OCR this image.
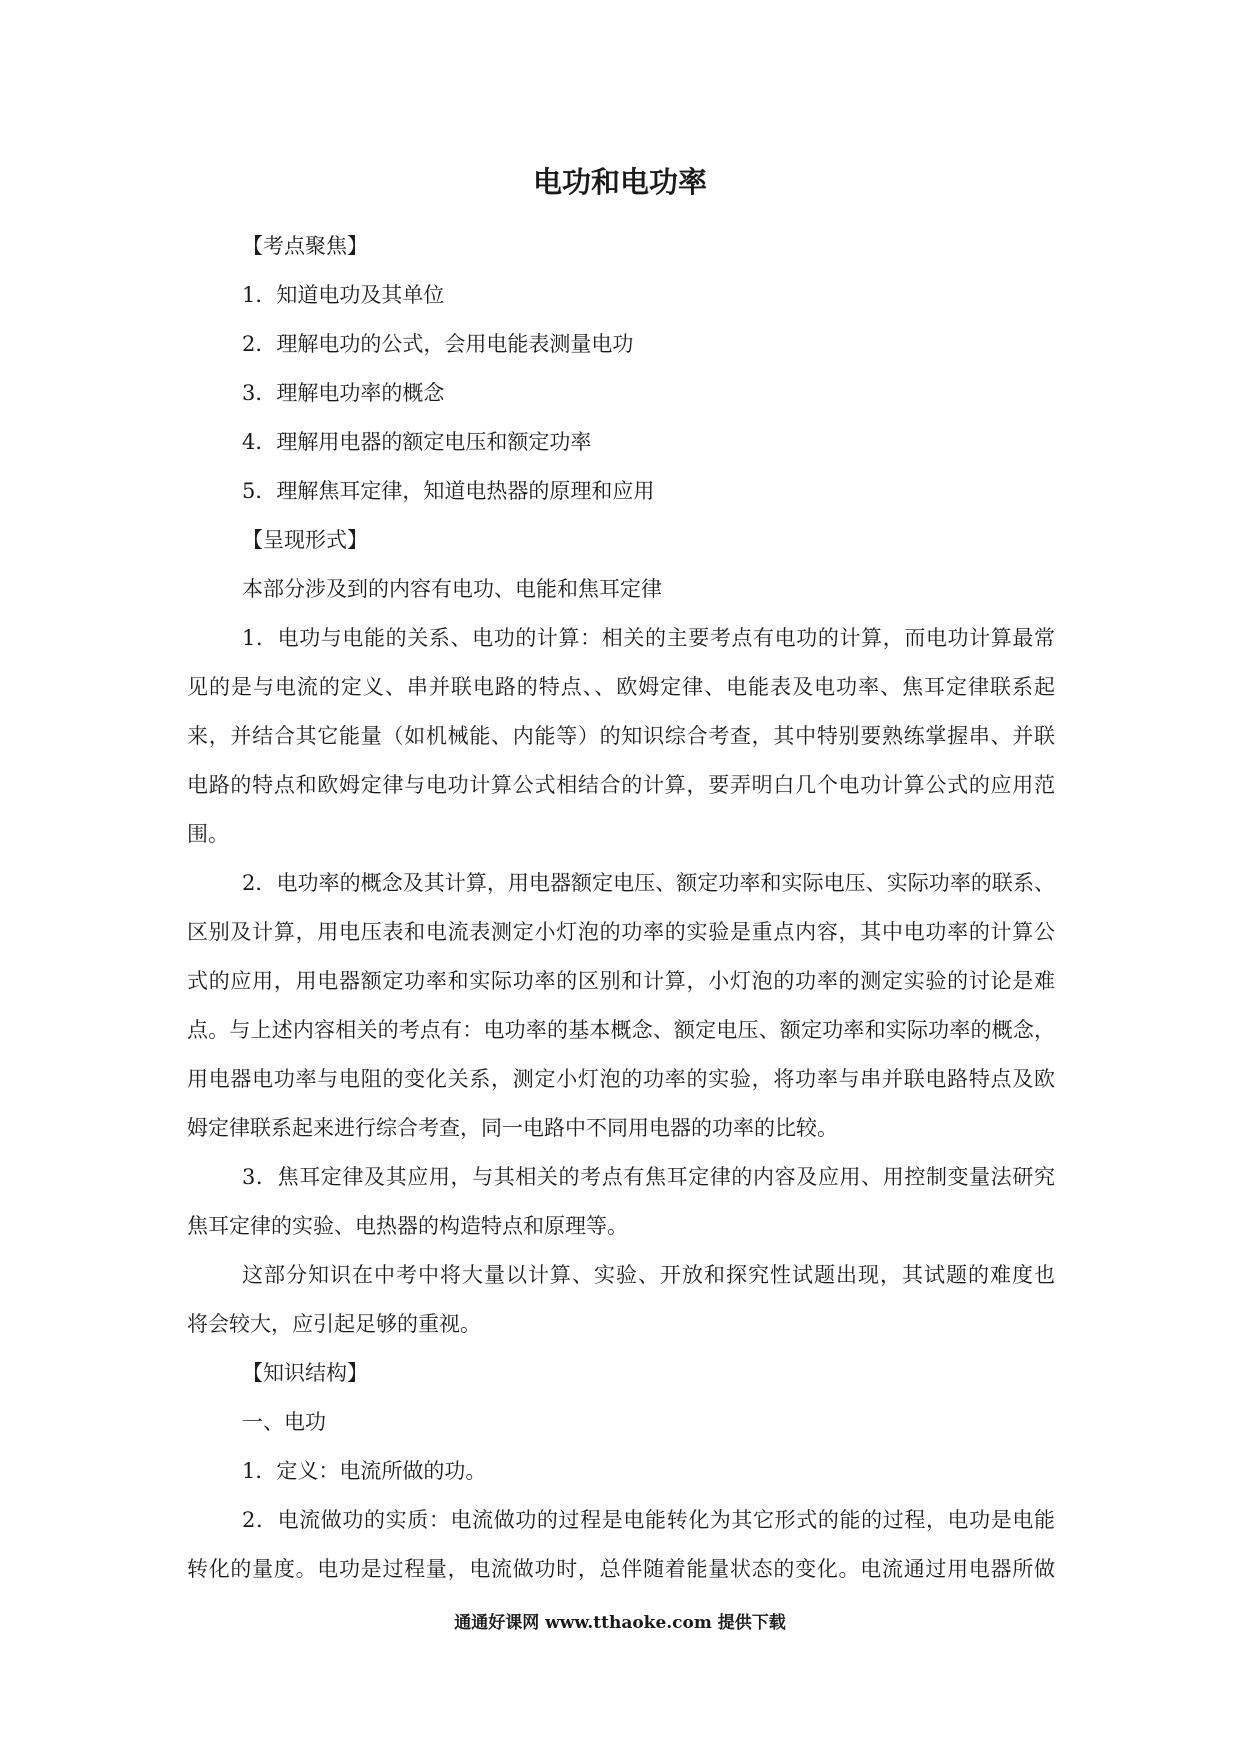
电功和电功率

【考点聚焦】

1．知道电功及其单位

2．理解电功的公式，会用电能表测量电功

3．理解电功率的概念

4．理解用电器的额定电压和额定功率

5．理解焦耳定律，知道电热器的原理和应用

【呈现形式】

本部分涉及到的内容有电功、电能和焦耳定律

1．电功与电能的关系、电功的计算：相关的主要考点有电功的计算，而电功计算最常

见的是与电流的定义、串并联电路的特点、、欧姆定律、电能表及电功率、焦耳定律联系起

来，并结合其它能量（如机械能、内能等）的知识综合考查，其中特别要熟练掌握串、并联

电路的特点和欧姆定律与电功计算公式相结合的计算，要弄明白几个电功计算公式的应用范

围。

2．电功率的概念及其计算，用电器额定电压、额定功率和实际电压、实际功率的联系、

区别及计算，用电压表和电流表测定小灯泡的功率的实验是重点内容，其中电功率的计算公

式的应用，用电器额定功率和实际功率的区别和计算，小灯泡的功率的测定实验的讨论是难

点。与上述内容相关的考点有：电功率的基本概念、额定电压、额定功率和实际功率的概念，

用电器电功率与电阻的变化关系，测定小灯泡的功率的实验，将功率与串并联电路特点及欧

姆定律联系起来进行综合考查，同一电路中不同用电器的功率的比较。

3．焦耳定律及其应用，与其相关的考点有焦耳定律的内容及应用、用控制变量法研究

焦耳定律的实验、电热器的构造特点和原理等。

这部分知识在中考中将大量以计算、实验、开放和探究性试题出现，其试题的难度也

将会较大，应引起足够的重视。

【知识结构】

一、电功

1．定义：电流所做的功。

2．电流做功的实质：电流做功的过程是电能转化为其它形式的能的过程，电功是电能

转化的量度。电功是过程量，电流做功时，总伴随着能量状态的变化。电流通过用电器所做

通通好课网 www.tthaoke.com 提供下载
